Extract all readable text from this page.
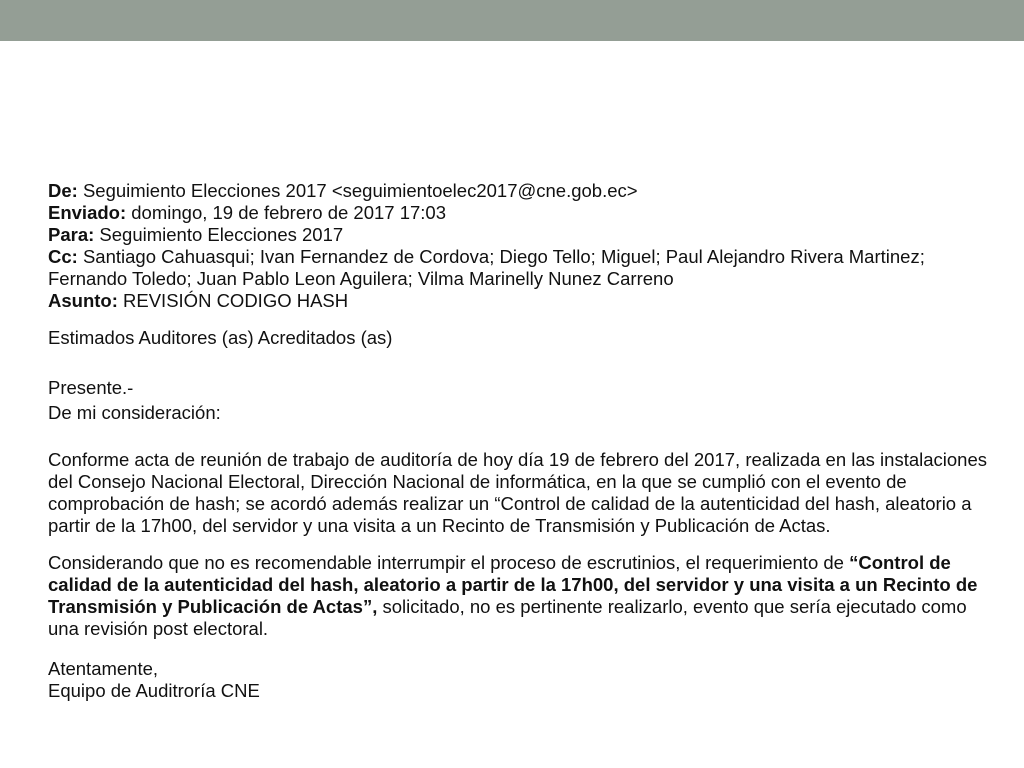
De: Seguimiento Elecciones 2017 <seguimientoelec2017@cne.gob.ec>

Enviado: domingo, 19 de febrero de 2017 17:03

Para: Seguimiento Elecciones 2017

Cc: Santiago Cahuasqui; Ivan Fernandez de Cordova; Diego Tello; Miguel; Paul Alejandro Rivera Martinez; Fernando Toledo; Juan Pablo Leon Aguilera; Vilma Marinelly Nunez Carreno

Asunto: REVISIÓN CODIGO HASH

Estimados Auditores (as) Acreditados (as)

Presente.-

De mi consideración:

Conforme acta de reunión de trabajo de auditoría de hoy día 19 de febrero del 2017, realizada en las instalaciones del Consejo Nacional Electoral, Dirección Nacional de informática, en la que se cumplió con el evento de comprobación de hash; se acordó además realizar un “Control de calidad de la autenticidad del hash, aleatorio a partir de la 17h00, del servidor y una visita a un Recinto de Transmisión y Publicación de Actas.

Considerando que no es recomendable interrumpir el proceso de escrutinios, el requerimiento de “Control de calidad de la autenticidad del hash, aleatorio a partir de la 17h00, del servidor y una visita a un Recinto de Transmisión y Publicación de Actas”, solicitado, no es pertinente realizarlo, evento que sería ejecutado como una revisión post electoral.

Atentamente,
Equipo de Auditroría CNE
